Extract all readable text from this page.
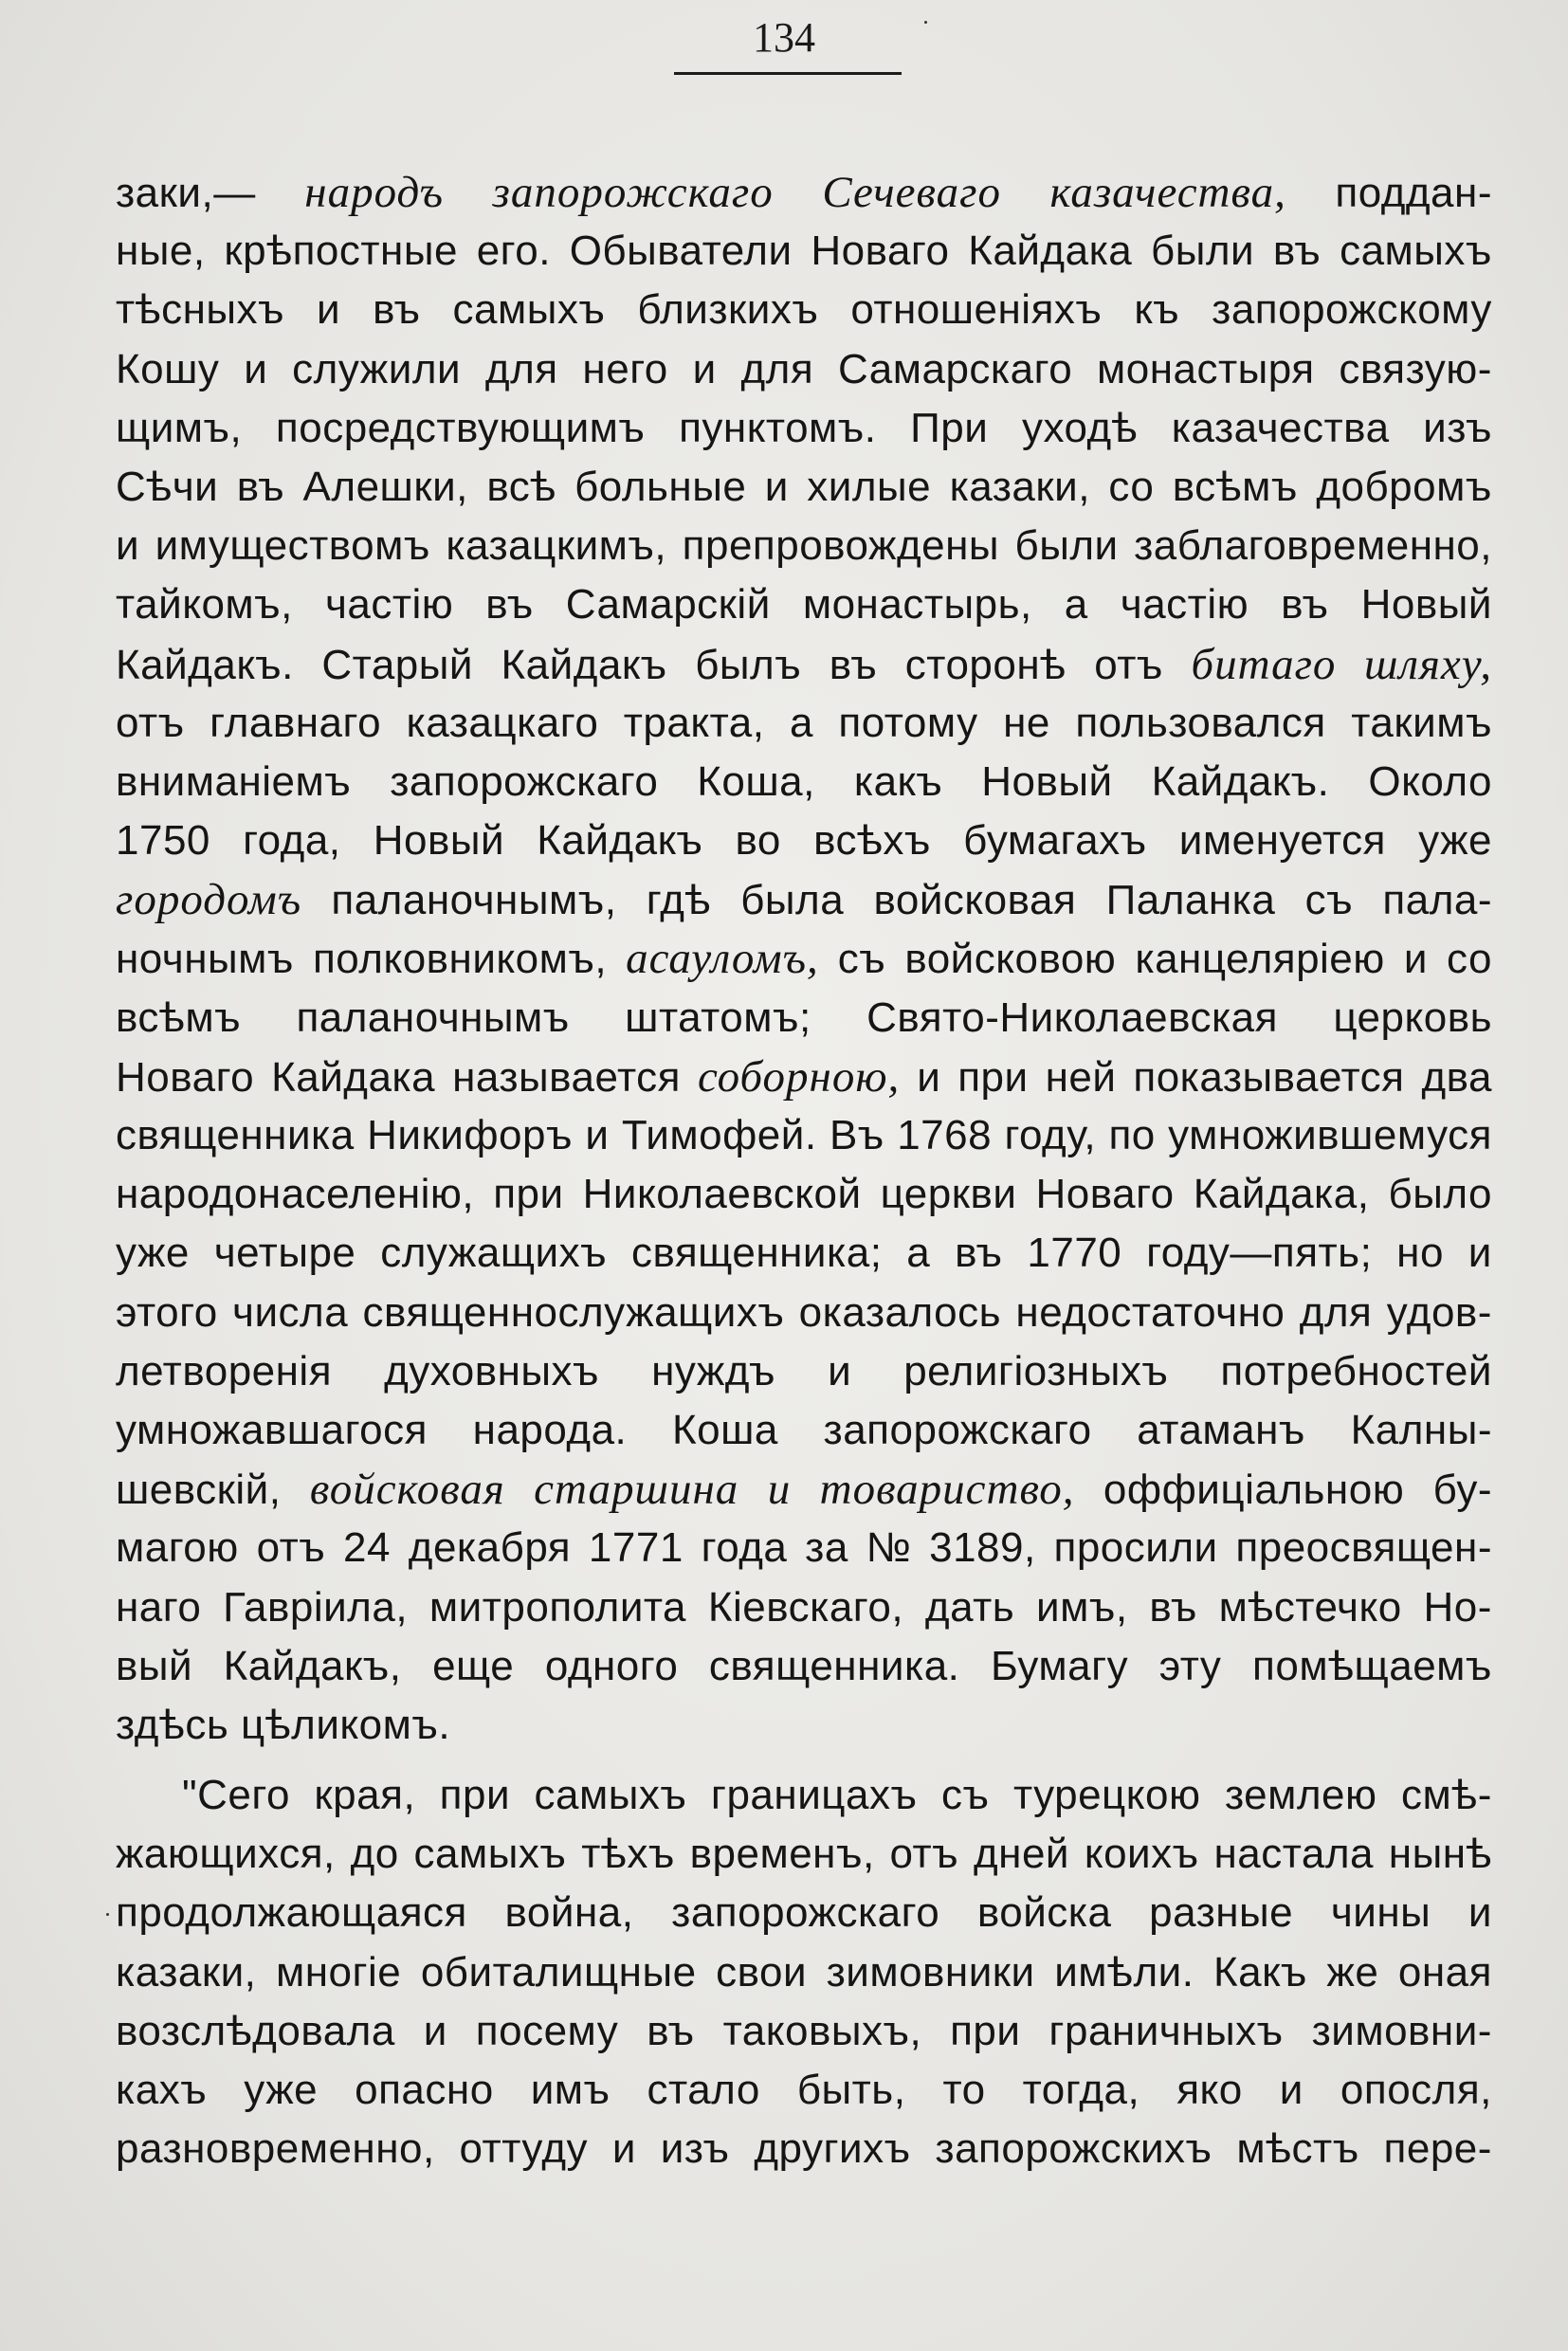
134
заки,— народъ запорожскаго Сечеваго казачества, поддан-
ные, крѣпостные его. Обыватели Новаго Кайдака были въ самыхъ
тѣсныхъ и въ самыхъ близкихъ отношеніяхъ къ запорожскому
Кошу и служили для него и для Самарскаго монастыря связую-
щимъ, посредствующимъ пунктомъ. При уходѣ казачества изъ
Сѣчи въ Алешки, всѣ больные и хилые казаки, со всѣмъ добромъ
и имуществомъ казацкимъ, препровождены были заблаговременно,
тайкомъ, частію въ Самарскій монастырь, а частію въ Новый
Кайдакъ. Старый Кайдакъ былъ въ сторонѣ отъ битаго шляху,
отъ главнаго казацкаго тракта, а потому не пользовался такимъ
вниманіемъ запорожскаго Коша, какъ Новый Кайдакъ. Около
1750 года, Новый Кайдакъ во всѣхъ бумагахъ именуется уже
городомъ паланочнымъ, гдѣ была войсковая Паланка съ пала-
ночнымъ полковникомъ, асауломъ, съ войсковою канцеляріею и со
всѣмъ паланочнымъ штатомъ; Свято-Николаевская церковь
Новаго Кайдака называется соборною, и при ней показывается два
священника Никифоръ и Тимофей. Въ 1768 году, по умножившемуся
народонаселенію, при Николаевской церкви Новаго Кайдака, было
уже четыре служащихъ священника; а въ 1770 году—пять; но и
этого числа священнослужащихъ оказалось недостаточно для удов-
летворенія духовныхъ нуждъ и религіозныхъ потребностей
умножавшагося народа. Коша запорожскаго атаманъ Калны-
шевскій, войсковая старшина и товариство, оффиціальною бу-
магою отъ 24 декабря 1771 года за № 3189, просили преосвящен-
наго Гавріила, митрополита Кіевскаго, дать имъ, въ мѣстечко Но-
вый Кайдакъ, еще одного священника. Бумагу эту помѣщаемъ
здѣсь цѣликомъ.
"Сего края, при самыхъ границахъ съ турецкою землею смѣ-
жающихся, до самыхъ тѣхъ временъ, отъ дней коихъ настала нынѣ
продолжающаяся война, запорожскаго войска разные чины и
казаки, многіе обиталищные свои зимовники имѣли. Какъ же оная
возслѣдовала и посему въ таковыхъ, при граничныхъ зимовни-
кахъ уже опасно имъ стало быть, то тогда, яко и опосля,
разновременно, оттуду и изъ другихъ запорожскихъ мѣстъ пере-
